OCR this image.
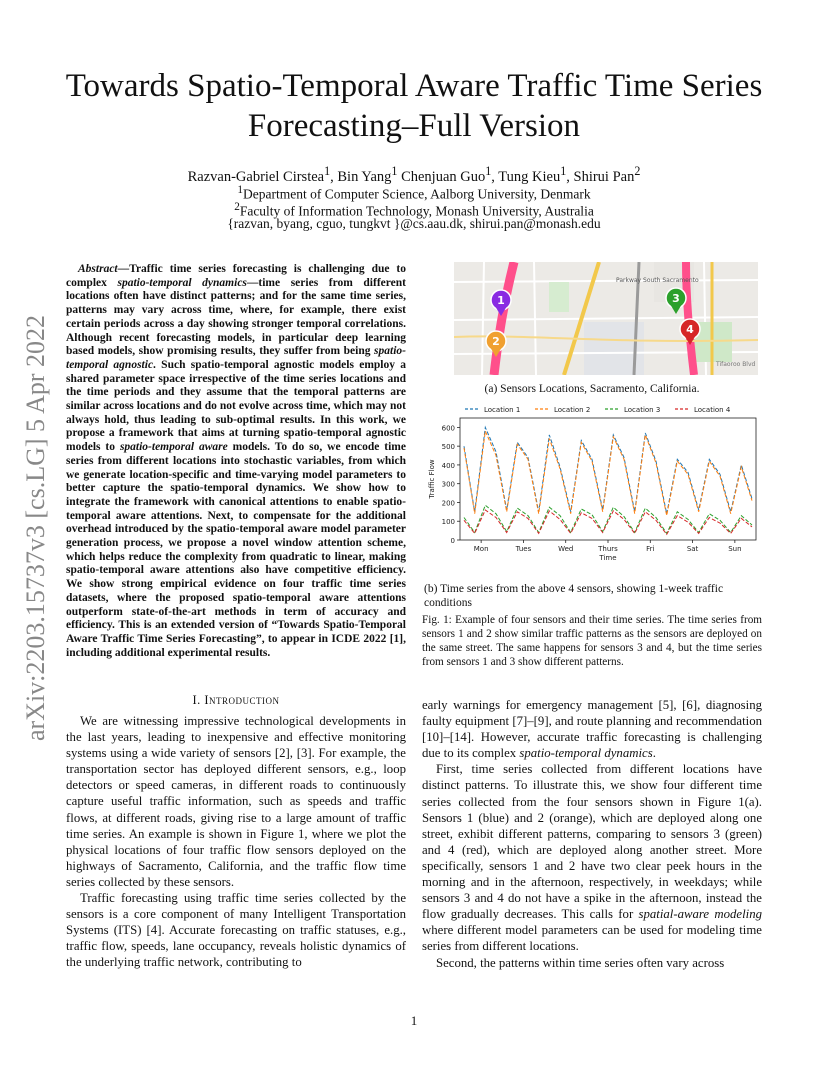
Towards Spatio-Temporal Aware Traffic Time Series Forecasting–Full Version
Razvan-Gabriel Cirstea$^1$, Bin Yang$^1$ Chenjuan Guo$^1$, Tung Kieu$^1$, Shirui Pan$^2$
$^1$Department of Computer Science, Aalborg University, Denmark
$^2$Faculty of Information Technology, Monash University, Australia
{razvan, byang, cguo, tungkvt }@cs.aau.dk, shirui.pan@monash.edu
arXiv:2203.15737v3 [cs.LG] 5 Apr 2022
Abstract—Traffic time series forecasting is challenging due to complex spatio-temporal dynamics—time series from different locations often have distinct patterns; and for the same time series, patterns may vary across time, where, for example, there exist certain periods across a day showing stronger temporal correlations. Although recent forecasting models, in particular deep learning based models, show promising results, they suffer from being spatio-temporal agnostic. Such spatio-temporal agnostic models employ a shared parameter space irrespective of the time series locations and the time periods and they assume that the temporal patterns are similar across locations and do not evolve across time, which may not always hold, thus leading to sub-optimal results. In this work, we propose a framework that aims at turning spatio-temporal agnostic models to spatio-temporal aware models. To do so, we encode time series from different locations into stochastic variables, from which we generate location-specific and time-varying model parameters to better capture the spatio-temporal dynamics. We show how to integrate the framework with canonical attentions to enable spatio-temporal aware attentions. Next, to compensate for the additional overhead introduced by the spatio-temporal aware model parameter generation process, we propose a novel window attention scheme, which helps reduce the complexity from quadratic to linear, making spatio-temporal aware attentions also have competitive efficiency. We show strong empirical evidence on four traffic time series datasets, where the proposed spatio-temporal aware attentions outperform state-of-the-art methods in term of accuracy and efficiency. This is an extended version of “Towards Spatio-Temporal Aware Traffic Time Series Forecasting”, to appear in ICDE 2022 [1], including additional experimental results.
I. Introduction

We are witnessing impressive technological developments in the last years, leading to inexpensive and effective monitoring systems using a wide variety of sensors [2], [3]. For example, the transportation sector has deployed different sensors, e.g., loop detectors or speed cameras, in different roads to continuously capture useful traffic information, such as speeds and traffic flows, at different roads, giving rise to a large amount of traffic time series. An example is shown in Figure 1, where we plot the physical locations of four traffic flow sensors deployed on the highways of Sacramento, California, and the traffic flow time series collected by these sensors.

Traffic forecasting using traffic time series collected by the sensors is a core component of many Intelligent Transportation Systems (ITS) [4]. Accurate forecasting on traffic statuses, e.g., traffic flow, speeds, lane occupancy, reveals holistic dynamics of the underlying traffic network, contributing to

early warnings for emergency management [5], [6], diagnosing faulty equipment [7]–[9], and route planning and recommendation [10]–[14]. However, accurate traffic forecasting is challenging due to its complex spatio-temporal dynamics.

First, time series collected from different locations have distinct patterns. To illustrate this, we show four different time series collected from the four sensors shown in Figure 1(a). Sensors 1 (blue) and 2 (orange), which are deployed along one street, exhibit different patterns, comparing to sensors 3 (green) and 4 (red), which are deployed along another street. More specifically, sensors 1 and 2 have two clear peek hours in the morning and in the afternoon, respectively, in weekdays; while sensors 3 and 4 do not have a spike in the afternoon, instead the flow gradually decreases. This calls for spatial-aware modeling where different model parameters can be used for modeling time series from different locations.

Second, the patterns within time series often vary across

Parkway South Sacramento
Tifaoroo Blvd
1
2
3
4
(a) Sensors Locations, Sacramento, California.
0
100
200
300
400
500
600
Mon	Tues	Wed	Thurs	Fri	Sat	Sun
Time
Traffic Flow
Location 1	Location 2	Location 3	Location 4
(b) Time series from the above 4 sensors, showing 1-week traffic conditions
Fig. 1: Example of four sensors and their time series. The time series from sensors 1 and 2 show similar traffic patterns as the sensors are deployed on the same street. The same happens for sensors 3 and 4, but the time series from sensors 1 and 3 show different patterns.
1
